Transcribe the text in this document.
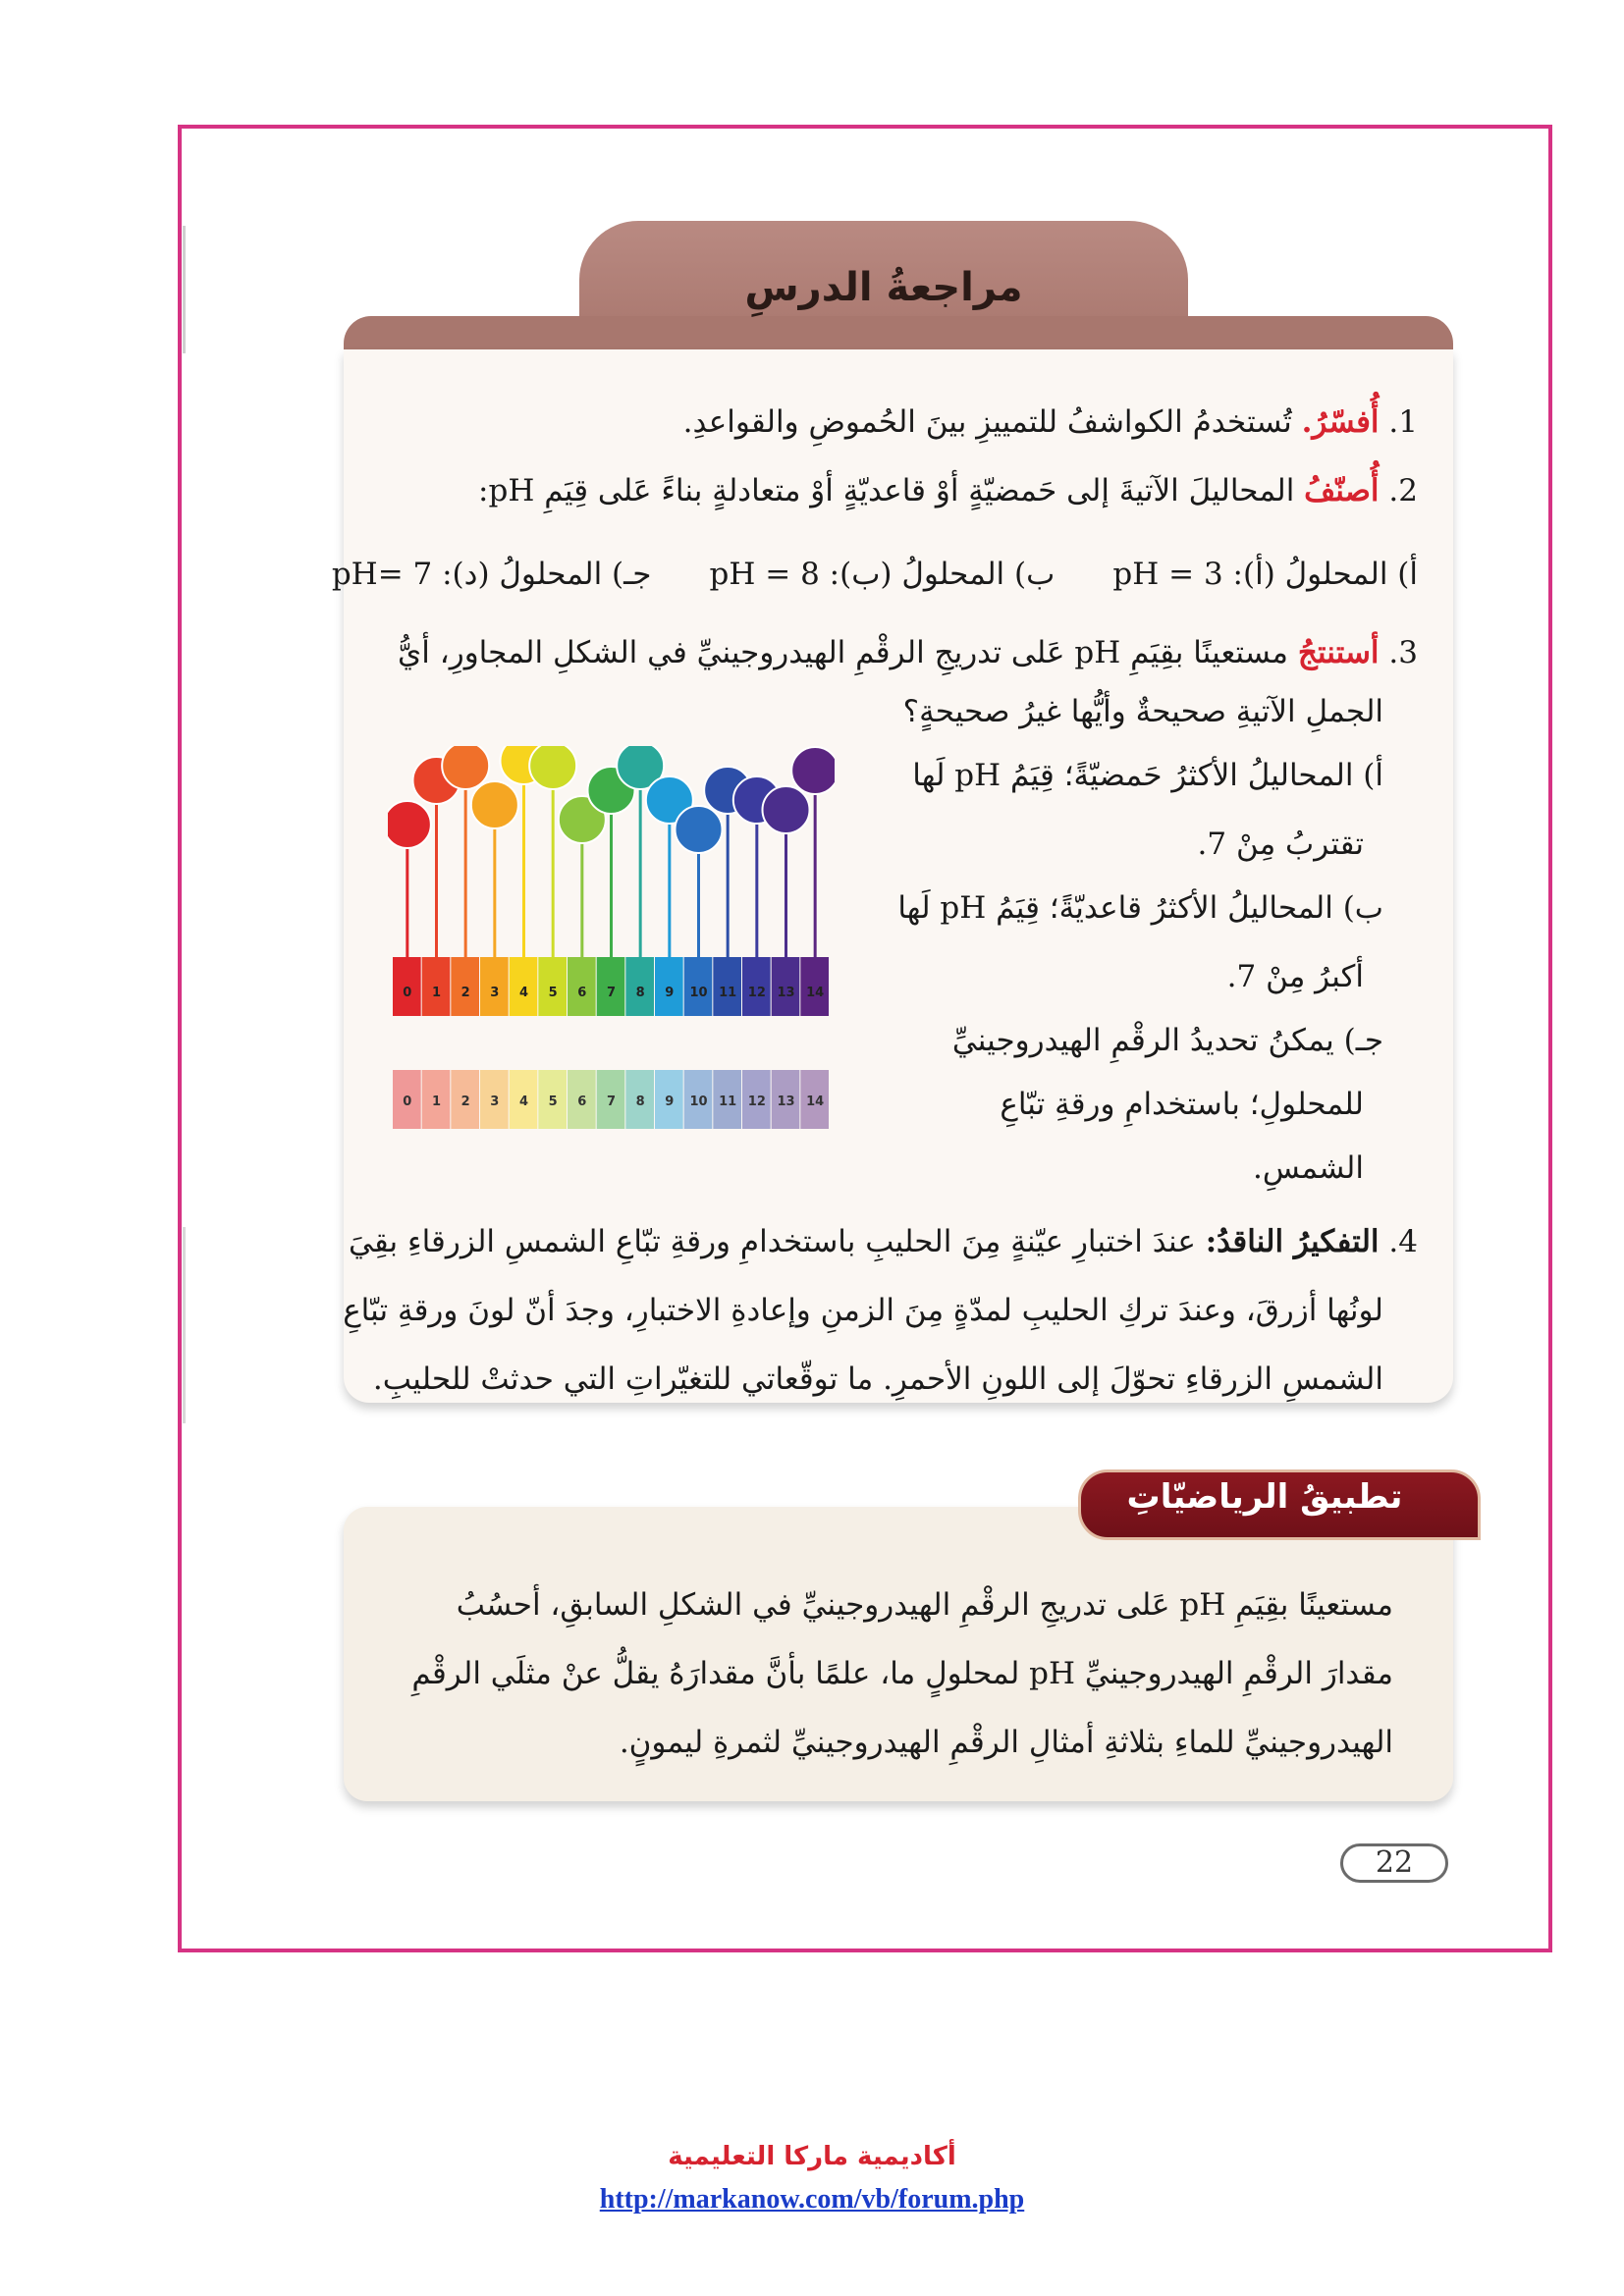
مراجعةُ الدرسِ
1. أُفسّرُ. تُستخدمُ الكواشفُ للتمييزِ بينَ الحُموضِ والقواعدِ.
2. أُصنّفُ المحاليلَ الآتيةَ إلى حَمضيّةٍ أوْ قاعديّةٍ أوْ متعادلةٍ بناءً عَلى قِيَمِ pH:
أ) المحلولُ (أ): pH = 3      ب) المحلولُ (ب): pH = 8      جـ) المحلولُ (د): pH= 7
3. أستنتجُ مستعينًا بقِيَمِ pH عَلى تدريجِ الرقْمِ الهيدروجينيِّ في الشكلِ المجاورِ، أيُّ
الجملِ الآتيةِ صحيحةٌ وأيُّها غيرُ صحيحةٍ؟
أ) المحاليلُ الأكثرُ حَمضيّةً؛ قِيَمُ pH لَها
تقتربُ مِنْ 7.
ب) المحاليلُ الأكثرُ قاعديّةً؛ قِيَمُ pH لَها
أكبرُ مِنْ 7.
جـ) يمكنُ تحديدُ الرقْمِ الهيدروجينيِّ
للمحلولِ؛ باستخدامِ ورقةِ تبّاعِ
الشمسِ.
0 1 2 3 4 5 6 7 8 9 10 11 12 13 14
0 1 2 3 4 5 6 7 8 9 10 11 12 13 14
4. التفكيرُ الناقدُ: عندَ اختبارِ عيّنةٍ مِنَ الحليبِ باستخدامِ ورقةِ تبّاعِ الشمسِ الزرقاءِ بقِيَ
لونُها أزرقَ، وعندَ تركِ الحليبِ لمدّةٍ مِنَ الزمنِ وإعادةِ الاختبارِ، وجدَ أنّ لونَ ورقةِ تبّاعِ
الشمسِ الزرقاءِ تحوّلَ إلى اللونِ الأحمرِ. ما توقّعاتي للتغيّراتِ التي حدثتْ للحليبِ.
تطبيقُ الرياضيّاتِ
مستعينًا بقِيَمِ pH عَلى تدريجِ الرقْمِ الهيدروجينيِّ في الشكلِ السابقِ، أحسُبُ
مقدارَ الرقْمِ الهيدروجينيِّ pH لمحلولٍ ما، علمًا بأنَّ مقدارَهُ يقلُّ عنْ مثلَي الرقْمِ
الهيدروجينيِّ للماءِ بثلاثةِ أمثالِ الرقْمِ الهيدروجينيِّ لثمرةِ ليمونٍ.
22
أكاديمية ماركا التعليمية
http://markanow.com/vb/forum.php
